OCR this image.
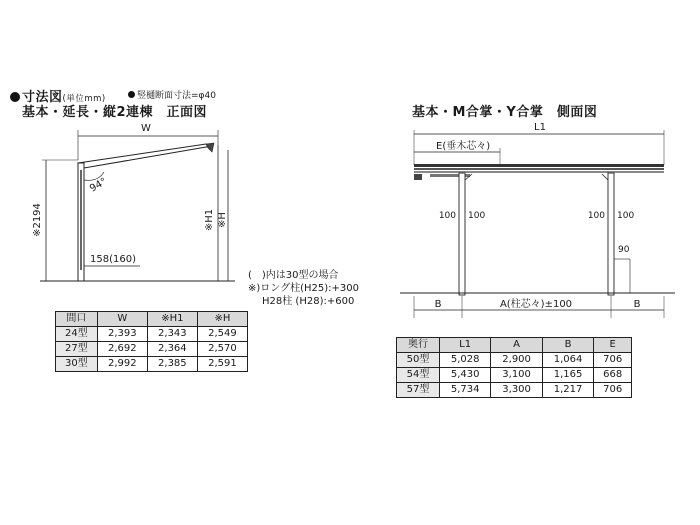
寸法図(単位mm)	竪樋断面寸法=φ40
基本・延長・縦2連棟　正面図	基本・M合掌・Y合掌　側面図
W
94°
※2194	※H1 ※H
158(160)
(　)内は30型の場合
※)ロング柱(H25):+300
H28柱 (H28):+600
間口	W	※H1	※H
24型	2,393	2,343	2,549
27型	2,692	2,364	2,570
30型	2,992	2,385	2,591
L1
E(垂木芯々)
100 100	100 100
90
B	A(柱芯々)±100	B
奥行	L1	A	B	E
50型	5,028	2,900	1,064	706
54型	5,430	3,100	1,165	668
57型	5,734	3,300	1,217	706
